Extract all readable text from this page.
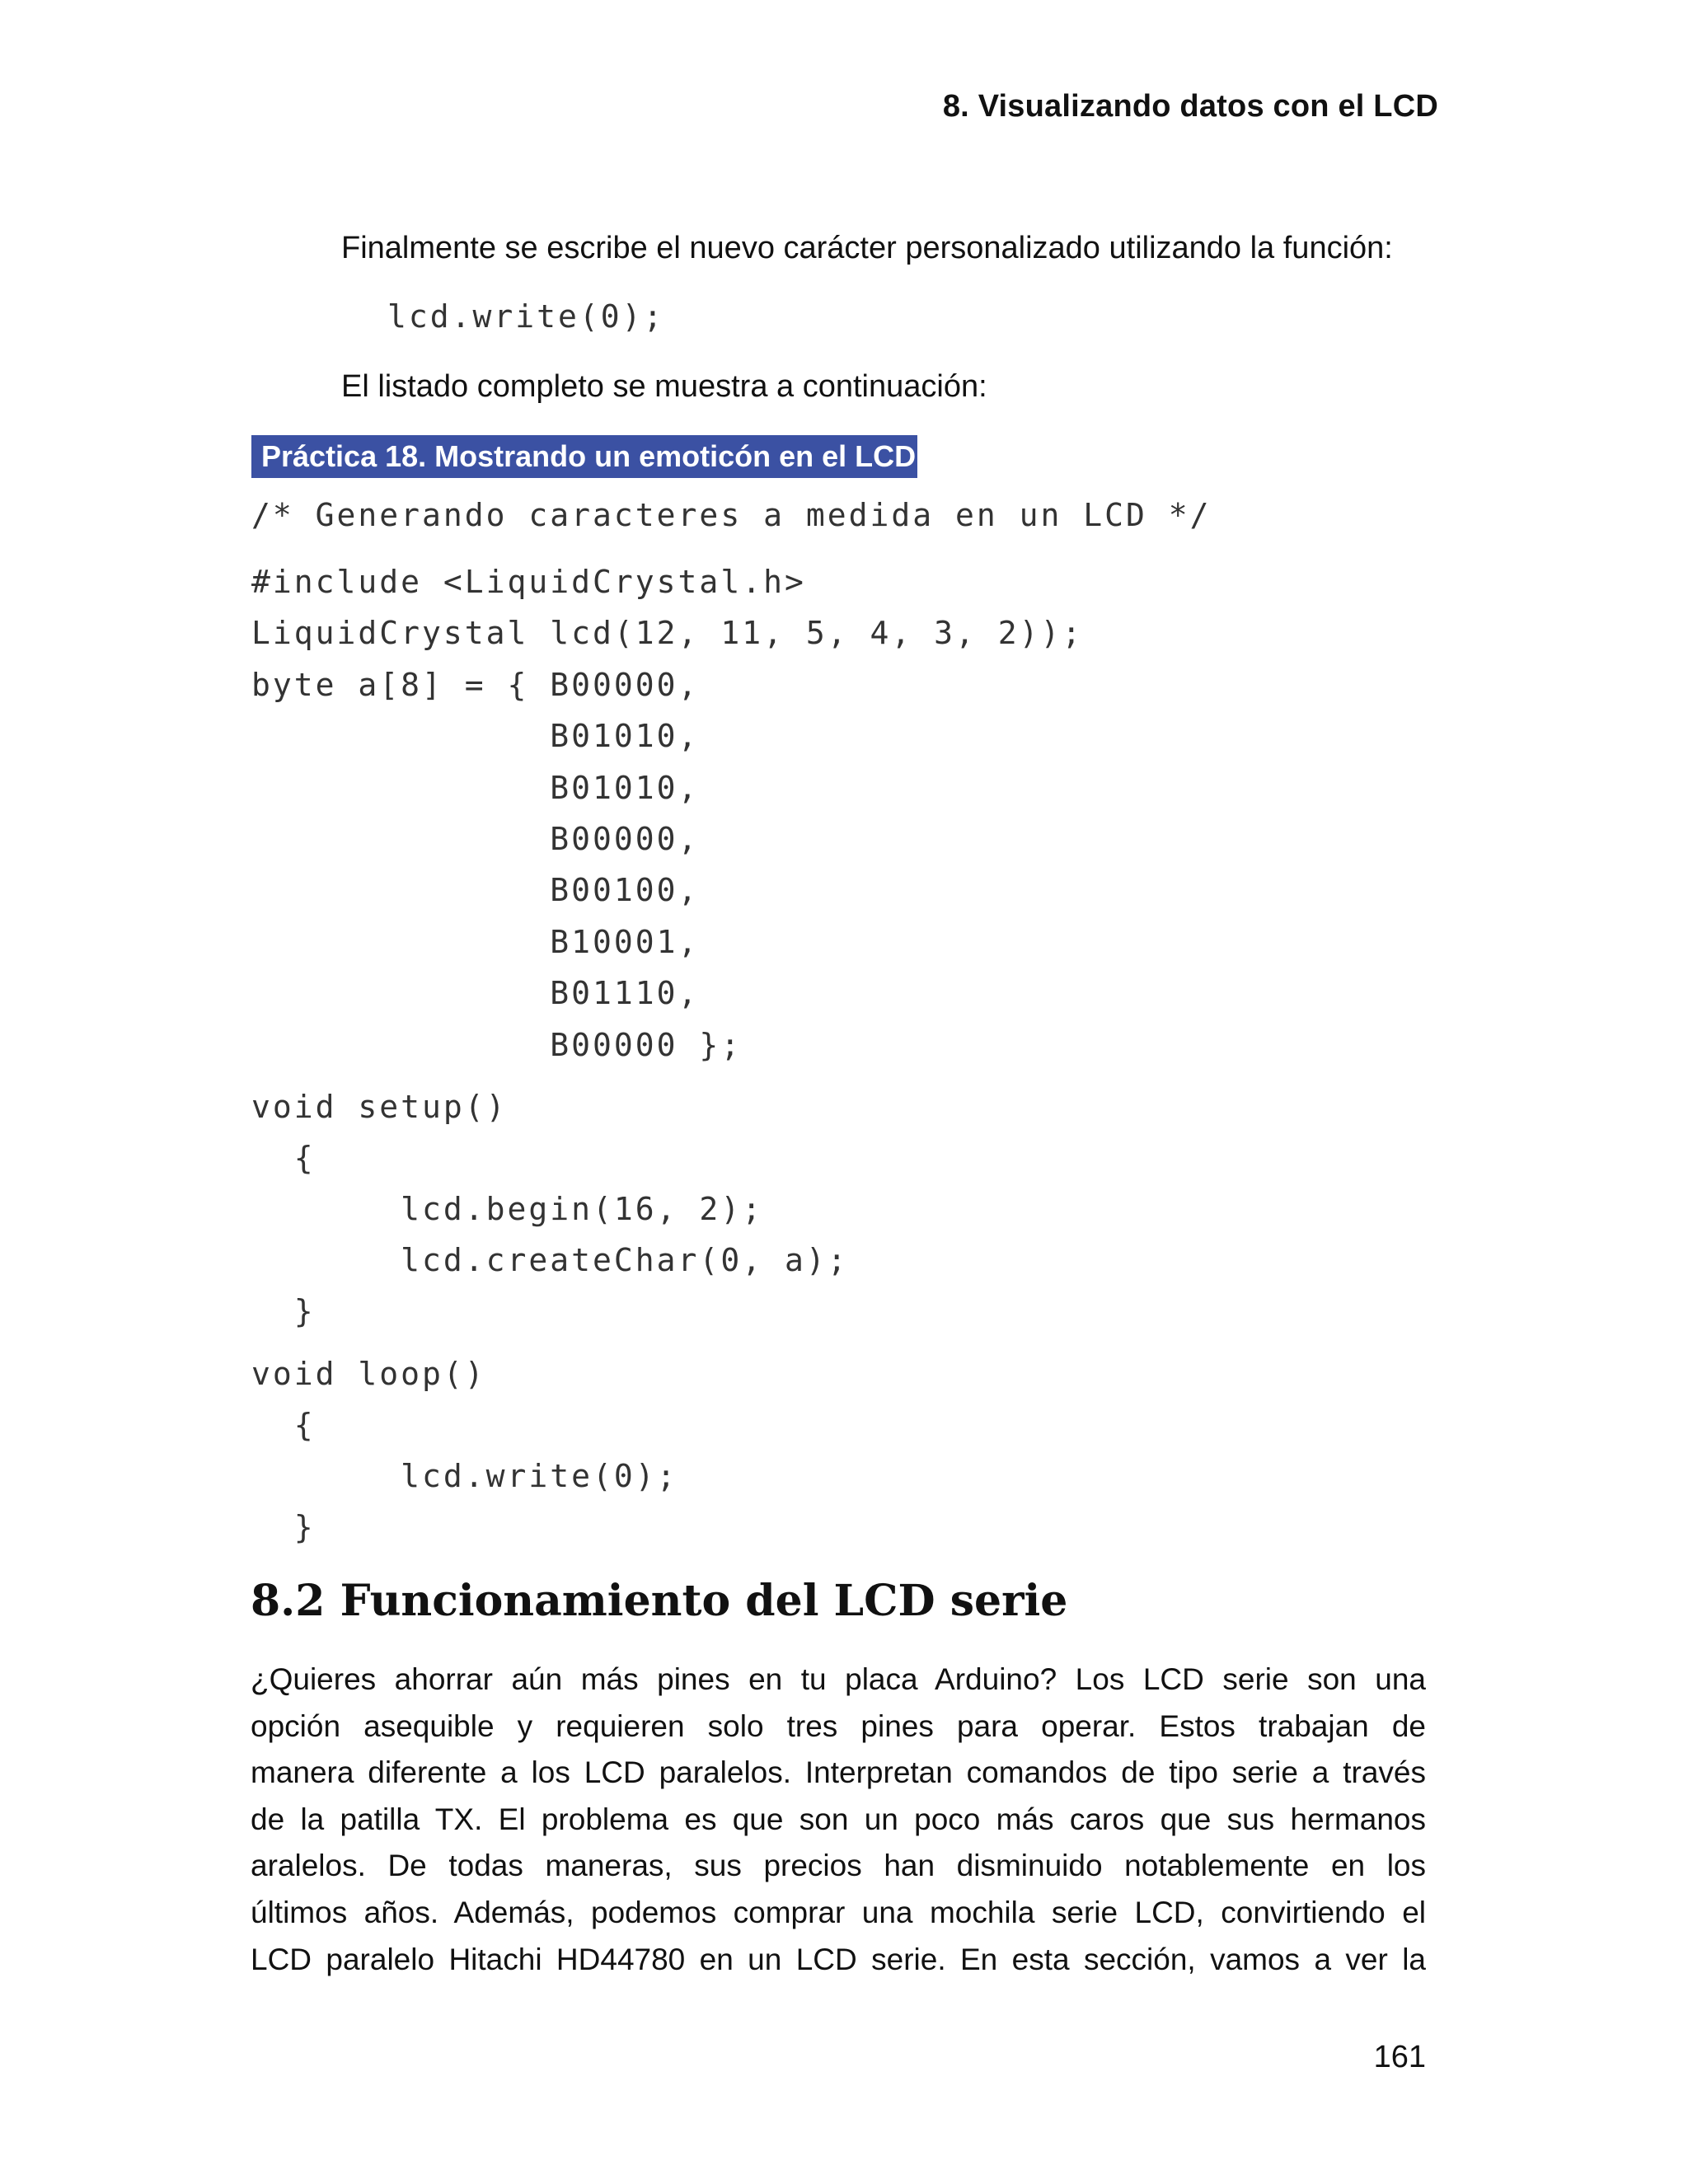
8. Visualizando datos con el LCD
Finalmente se escribe el nuevo carácter personalizado utilizando la función:
lcd.write(0);
El listado completo se muestra a continuación:
Práctica 18. Mostrando un emoticón en el LCD
/* Generando caracteres a medida en un LCD */
#include <LiquidCrystal.h>
LiquidCrystal lcd(12, 11, 5, 4, 3, 2));
byte a[8] = { B00000,
B01010,
B01010,
B00000,
B00100,
B10001,
B01110,
B00000 };
void setup()
{
lcd.begin(16, 2);
lcd.createChar(0, a);
}
void loop()
{
lcd.write(0);
}
8.2 Funcionamiento del LCD serie
¿Quieres ahorrar aún más pines en tu placa Arduino? Los LCD serie son una
opción asequible y requieren solo tres pines para operar. Estos trabajan de
manera diferente a los LCD paralelos. Interpretan comandos de tipo serie a través
de la patilla TX. El problema es que son un poco más caros que sus hermanos
aralelos. De todas maneras, sus precios han disminuido notablemente en los
últimos años. Además, podemos comprar una mochila serie LCD, convirtiendo el
LCD paralelo Hitachi HD44780 en un LCD serie. En esta sección, vamos a ver la
161
